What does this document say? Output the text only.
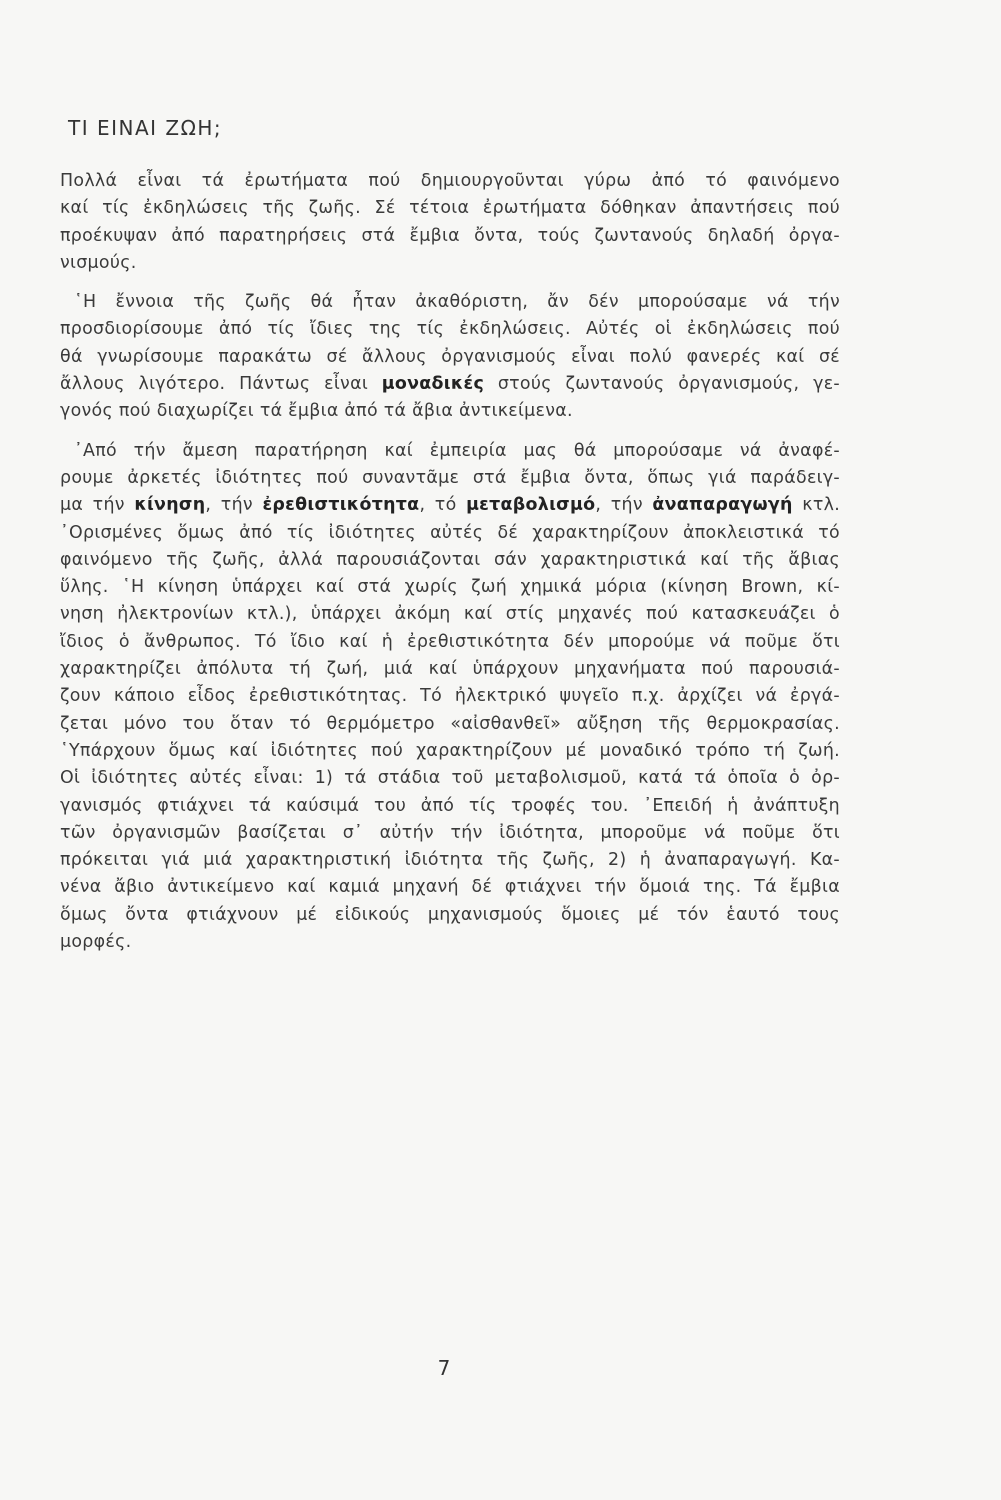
ΤΙ ΕΙΝΑΙ ΖΩΗ;
Πολλά εἶναι τά ἐρωτήματα πού δημιουργοῦνται γύρω ἀπό τό φαινόμενο
καί τίς ἐκδηλώσεις τῆς ζωῆς. Σέ τέτοια ἐρωτήματα δόθηκαν ἀπαντήσεις πού
προέκυψαν ἀπό παρατηρήσεις στά ἔμβια ὄντα, τούς ζωντανούς δηλαδή ὀργα-
νισμούς.
῾Η ἔννοια τῆς ζωῆς θά ἦταν ἀκαθόριστη, ἄν δέν μπορούσαμε νά τήν
προσδιορίσουμε ἀπό τίς ἴδιες της τίς ἐκδηλώσεις. Αὐτές οἱ ἐκδηλώσεις πού
θά γνωρίσουμε παρακάτω σέ ἄλλους ὀργανισμούς εἶναι πολύ φανερές καί σέ
ἄλλους λιγότερο. Πάντως εἶναι μοναδικές στούς ζωντανούς ὀργανισμούς, γε-
γονός πού διαχωρίζει τά ἔμβια ἀπό τά ἄβια ἀντικείμενα.
᾽Από τήν ἄμεση παρατήρηση καί ἐμπειρία μας θά μπορούσαμε νά ἀναφέ-
ρουμε ἀρκετές ἰδιότητες πού συναντᾶμε στά ἔμβια ὄντα, ὅπως γιά παράδειγ-
μα τήν κίνηση, τήν ἐρεθιστικότητα, τό μεταβολισμό, τήν ἀναπαραγωγή κτλ.
᾽Ορισμένες ὅμως ἀπό τίς ἰδιότητες αὐτές δέ χαρακτηρίζουν ἀποκλειστικά τό
φαινόμενο τῆς ζωῆς, ἀλλά παρουσιάζονται σάν χαρακτηριστικά καί τῆς ἄβιας
ὕλης. ῾Η κίνηση ὑπάρχει καί στά χωρίς ζωή χημικά μόρια (κίνηση Brown, κί-
νηση ἠλεκτρονίων κτλ.), ὑπάρχει ἀκόμη καί στίς μηχανές πού κατασκευάζει ὁ
ἴδιος ὁ ἄνθρωπος. Τό ἴδιο καί ἡ ἐρεθιστικότητα δέν μπορούμε νά ποῦμε ὅτι
χαρακτηρίζει ἀπόλυτα τή ζωή, μιά καί ὑπάρχουν μηχανήματα πού παρουσιά-
ζουν κάποιο εἶδος ἐρεθιστικότητας. Τό ἠλεκτρικό ψυγεῖο π.χ. ἀρχίζει νά ἐργά-
ζεται μόνο του ὅταν τό θερμόμετρο «αἰσθανθεῖ» αὔξηση τῆς θερμοκρασίας.
῾Υπάρχουν ὅμως καί ἰδιότητες πού χαρακτηρίζουν μέ μοναδικό τρόπο τή ζωή.
Οἱ ἰδιότητες αὐτές εἶναι: 1) τά στάδια τοῦ μεταβολισμοῦ, κατά τά ὁποῖα ὁ ὀρ-
γανισμός φτιάχνει τά καύσιμά του ἀπό τίς τροφές του. ᾽Επειδή ἡ ἀνάπτυξη
τῶν ὀργανισμῶν βασίζεται σ᾽ αὐτήν τήν ἰδιότητα, μποροῦμε νά ποῦμε ὅτι
πρόκειται γιά μιά χαρακτηριστική ἰδιότητα τῆς ζωῆς, 2) ἡ ἀναπαραγωγή. Κα-
νένα ἄβιο ἀντικείμενο καί καμιά μηχανή δέ φτιάχνει τήν ὅμοιά της. Τά ἔμβια
ὅμως ὄντα φτιάχνουν μέ εἰδικούς μηχανισμούς ὅμοιες μέ τόν ἑαυτό τους
μορφές.
7
